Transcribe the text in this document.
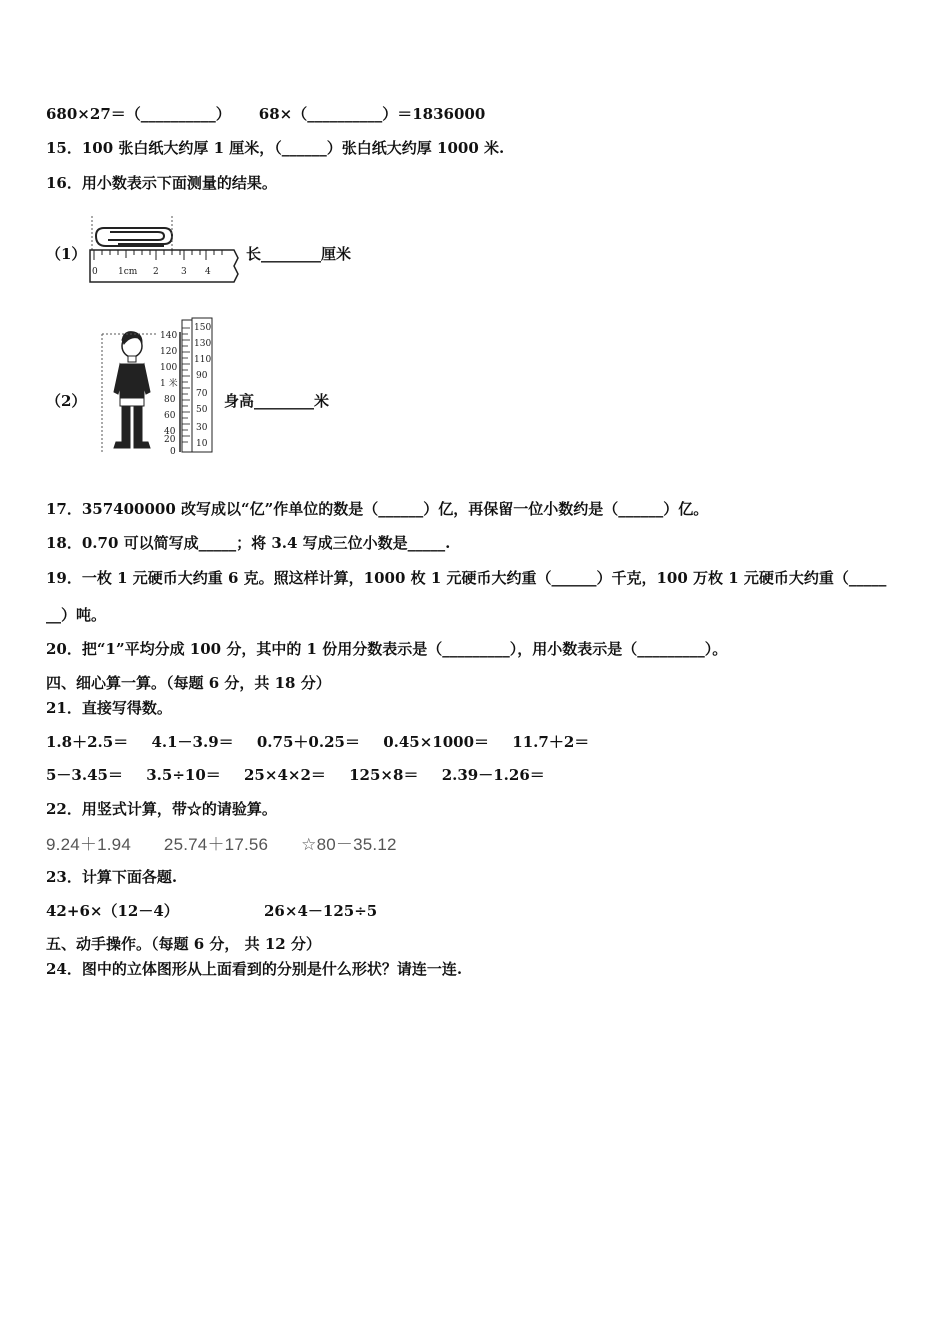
680×27＝（__________） 68×（__________）＝1836000
15．100 张白纸大约厚 1 厘米，（______）张白纸大约厚 1000 米.
16．用小数表示下面测量的结果。
（1）
0 1cm 2 3 4
长________厘米
（2）
140
120
100
1 米
80
60
40
20
0
150
130
110
90
70
50
30
10
身高________米
17．357400000 改写成以“亿”作单位的数是（______）亿，再保留一位小数约是（______）亿。
18．0.70 可以简写成_____；将 3.4 写成三位小数是_____.
19．一枚 1 元硬币大约重 6 克。照这样计算，1000 枚 1 元硬币大约重（______）千克，100 万枚 1 元硬币大约重（_____
__）吨。
20．把“1”平均分成 100 分，其中的 1 份用分数表示是（_________），用小数表示是（_________）。
四、细心算一算。（每题 6 分，共 18 分）
21．直接写得数。
1.8＋2.5＝ 4.1－3.9＝ 0.75＋0.25＝ 0.45×1000＝ 11.7＋2＝
5－3.45＝ 3.5÷10＝ 25×4×2＝ 125×8＝ 2.39－1.26＝
22．用竖式计算，带☆的请验算。
9.24＋1.94 25.74＋17.56 ☆80－35.12
23．计算下面各题.
42+6×（12－4）	26×4－125÷5
五、动手操作。（每题 6 分， 共 12 分）
24．图中的立体图形从上面看到的分别是什么形状？请连一连.
